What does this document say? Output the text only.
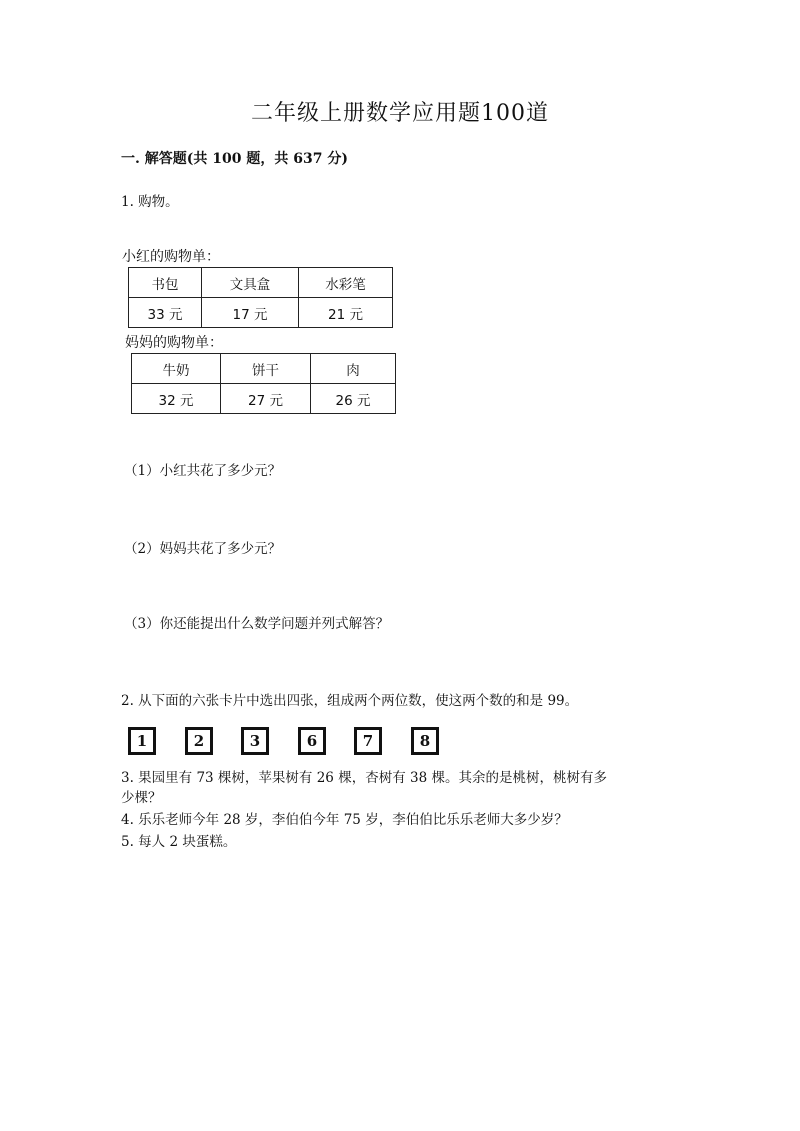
二年级上册数学应用题100道
一. 解答题(共 100 题，共 637 分)
1. 购物。
小红的购物单：
书包	文具盒	水彩笔
33 元	17 元	21 元
妈妈的购物单：
牛奶	饼干	肉
32 元	27 元	26 元
（1）小红共花了多少元？
（2）妈妈共花了多少元？
（3）你还能提出什么数学问题并列式解答？
2. 从下面的六张卡片中选出四张，组成两个两位数，使这两个数的和是 99。
1	2	3	6	7	8
3. 果园里有 73 棵树，苹果树有 26 棵，杏树有 38 棵。其余的是桃树，桃树有多
少棵？
4. 乐乐老师今年 28 岁，李伯伯今年 75 岁，李伯伯比乐乐老师大多少岁？
5. 每人 2 块蛋糕。
